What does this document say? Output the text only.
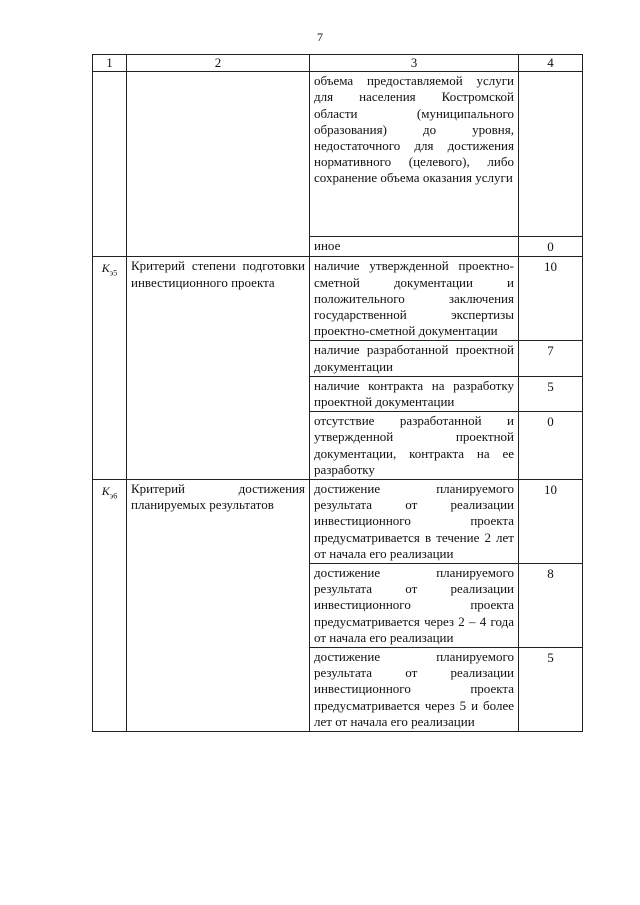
7
1	2	3	4
		объема предоставляемой услуги для населения Костромской области (муниципального образования) до уровня, недостаточного для достижения нормативного (целевого), либо сохранение объема оказания услуги	
		иное	0
$K_{э5}$	Критерий степени подготовки инвестиционного проекта	наличие утвержденной проектно-сметной документации и положительного заключения государственной экспертизы проектно-сметной документации	10
		наличие разработанной проектной документации	7
		наличие контракта на разработку проектной документации	5
		отсутствие разработанной и утвержденной проектной документации, контракта на ее разработку	0
$K_{э6}$	Критерий достижения планируемых результатов	достижение планируемого результата от реализации инвестиционного проекта предусматривается в течение 2 лет от начала его реализации	10
		достижение планируемого результата от реализации инвестиционного проекта предусматривается через 2 – 4 года от начала его реализации	8
		достижение планируемого результата от реализации инвестиционного проекта предусматривается через 5 и более лет от начала его реализации	5
